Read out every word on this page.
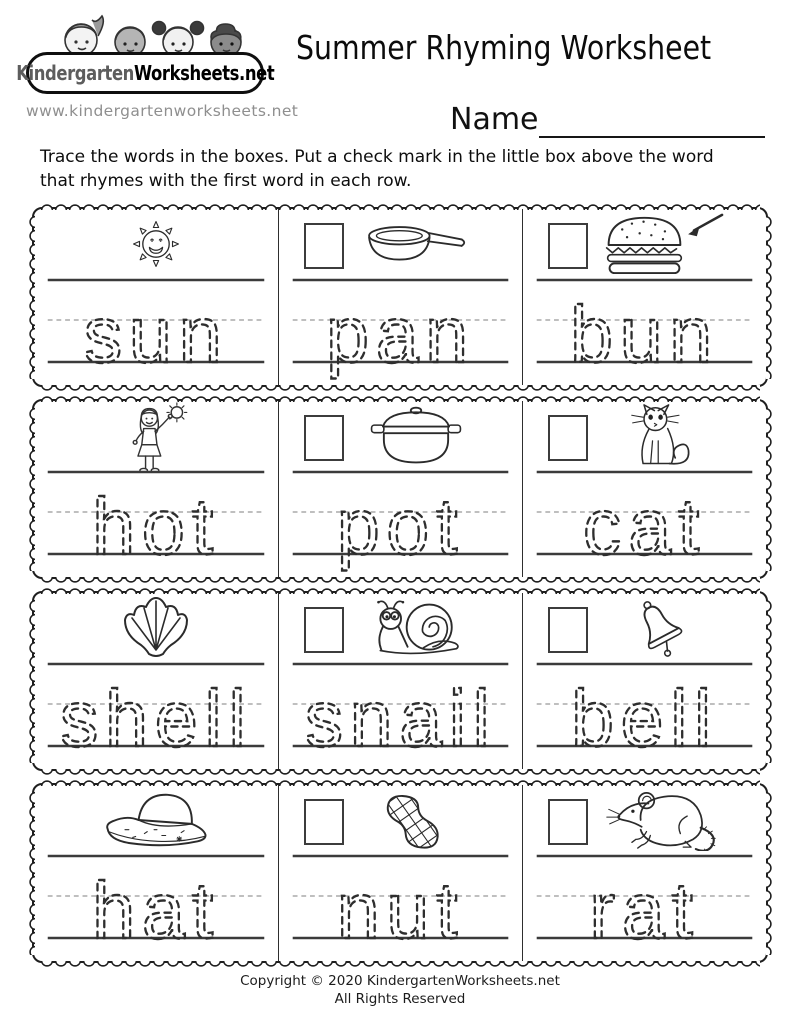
KindergartenWorksheets.net
www.kindergartenworksheets.net
Summer Rhyming Worksheet
Name
Trace the words in the boxes. Put a check mark in the little box above the word
that rhymes with the first word in each row.
sun pan bun
hot pot cat
shell snail bell
hat nut rat
Copyright © 2020 KindergartenWorksheets.net
All Rights Reserved
